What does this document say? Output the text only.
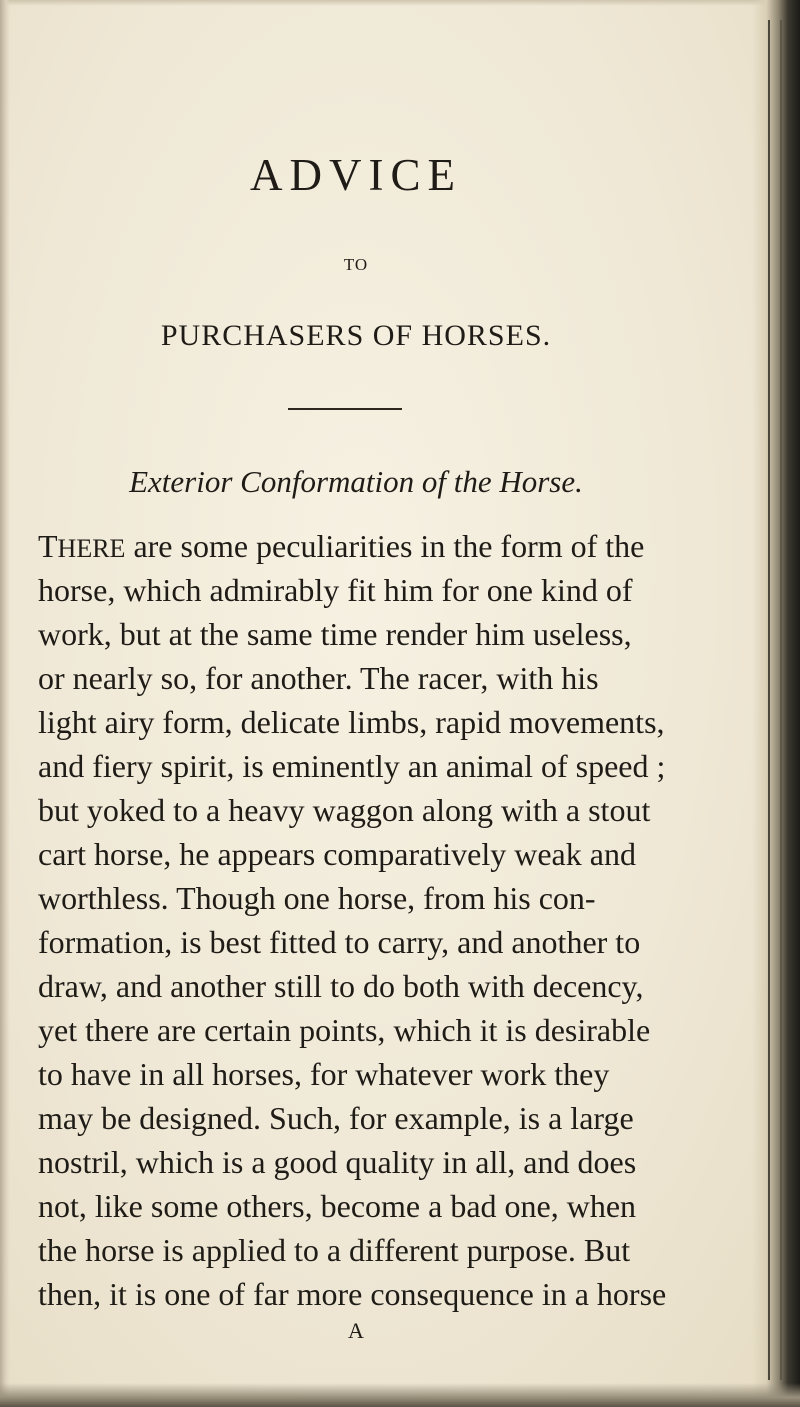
ADVICE
TO
PURCHASERS OF HORSES.
Exterior Conformation of the Horse.
THERE are some peculiarities in the form of the
horse, which admirably fit him for one kind of
work, but at the same time render him useless,
or nearly so, for another. The racer, with his
light airy form, delicate limbs, rapid movements,
and fiery spirit, is eminently an animal of speed ;
but yoked to a heavy waggon along with a stout
cart horse, he appears comparatively weak and
worthless. Though one horse, from his con-
formation, is best fitted to carry, and another to
draw, and another still to do both with decency,
yet there are certain points, which it is desirable
to have in all horses, for whatever work they
may be designed. Such, for example, is a large
nostril, which is a good quality in all, and does
not, like some others, become a bad one, when
the horse is applied to a different purpose. But
then, it is one of far more consequence in a horse
A
